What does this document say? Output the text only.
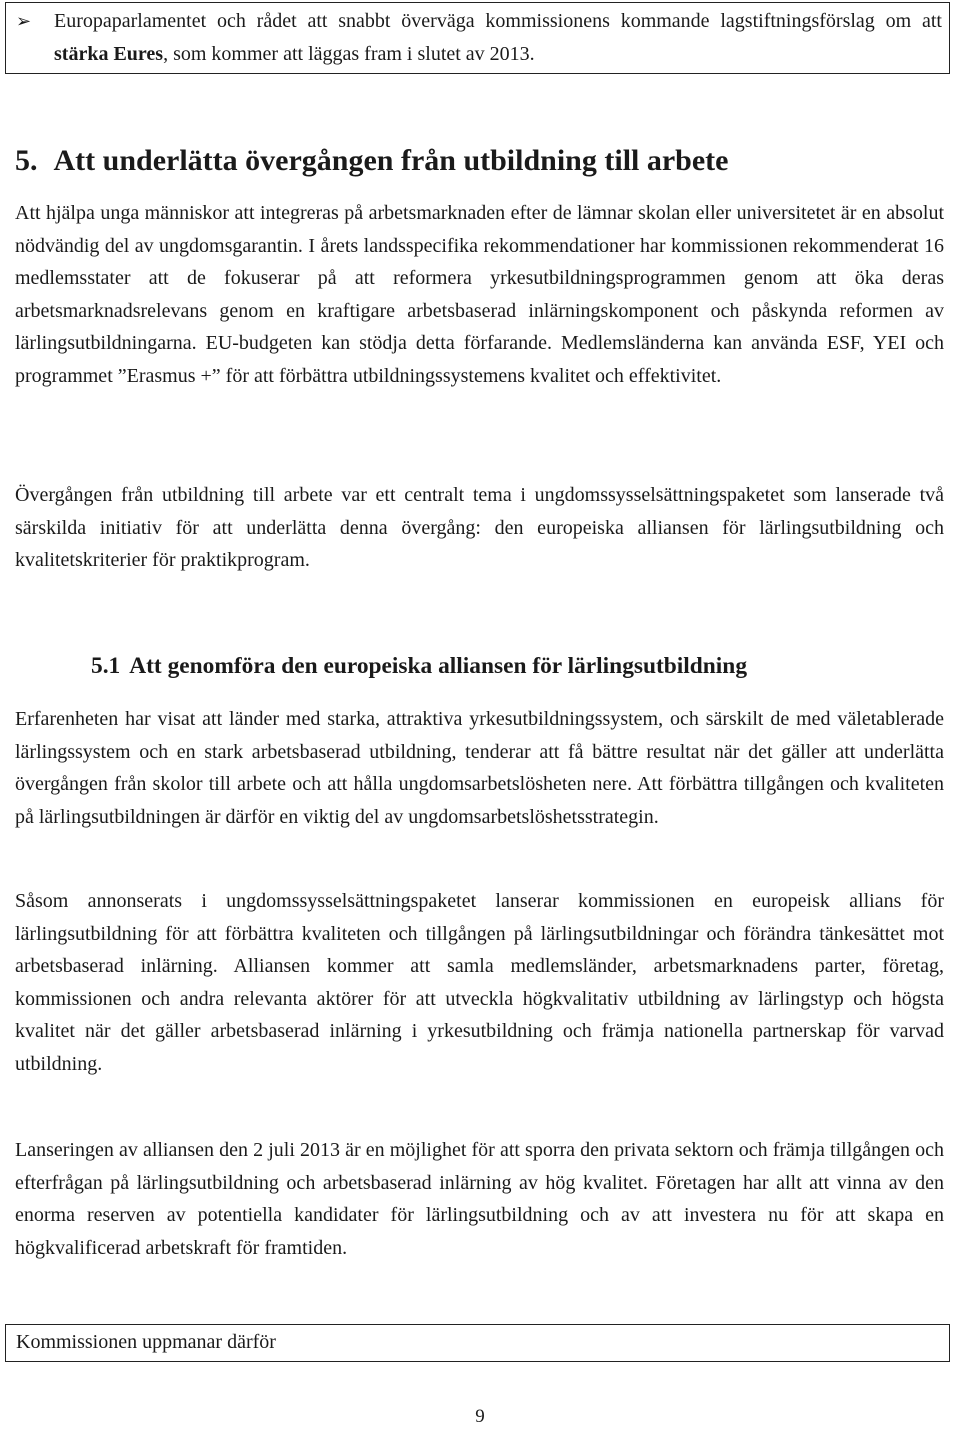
➢	Europaparlamentet och rådet att snabbt överväga kommissionens kommande lagstiftningsförslag om att stärka Eures, som kommer att läggas fram i slutet av 2013.
5. Att underlätta övergången från utbildning till arbete

Att hjälpa unga människor att integreras på arbetsmarknaden efter de lämnar skolan eller universitetet är en absolut nödvändig del av ungdomsgarantin. I årets landsspecifika rekommendationer har kommissionen rekommenderat 16 medlemsstater att de fokuserar på att reformera yrkesutbildningsprogrammen genom att öka deras arbetsmarknadsrelevans genom en kraftigare arbetsbaserad inlärningskomponent och påskynda reformen av lärlingsutbildningarna. EU-budgeten kan stödja detta förfarande. Medlemsländerna kan använda ESF, YEI och programmet ”Erasmus +” för att förbättra utbildningssystemens kvalitet och effektivitet.

Övergången från utbildning till arbete var ett centralt tema i ungdomssysselsättningspaketet som lanserade två särskilda initiativ för att underlätta denna övergång: den europeiska alliansen för lärlingsutbildning och kvalitetskriterier för praktikprogram.

5.1 Att genomföra den europeiska alliansen för lärlingsutbildning

Erfarenheten har visat att länder med starka, attraktiva yrkesutbildningssystem, och särskilt de med väletablerade lärlingssystem och en stark arbetsbaserad utbildning, tenderar att få bättre resultat när det gäller att underlätta övergången från skolor till arbete och att hålla ungdomsarbetslösheten nere. Att förbättra tillgången och kvaliteten på lärlingsutbildningen är därför en viktig del av ungdomsarbetslöshetsstrategin.

Såsom annonserats i ungdomssysselsättningspaketet lanserar kommissionen en europeisk allians för lärlingsutbildning för att förbättra kvaliteten och tillgången på lärlingsutbildningar och förändra tänkesättet mot arbetsbaserad inlärning. Alliansen kommer att samla medlemsländer, arbetsmarknadens parter, företag, kommissionen och andra relevanta aktörer för att utveckla högkvalitativ utbildning av lärlingstyp och högsta kvalitet när det gäller arbetsbaserad inlärning i yrkesutbildning och främja nationella partnerskap för varvad utbildning.

Lanseringen av alliansen den 2 juli 2013 är en möjlighet för att sporra den privata sektorn och främja tillgången och efterfrågan på lärlingsutbildning och arbetsbaserad inlärning av hög kvalitet. Företagen har allt att vinna av den enorma reserven av potentiella kandidater för lärlingsutbildning och av att investera nu för att skapa en högkvalificerad arbetskraft för framtiden.

Kommissionen uppmanar därför
9
